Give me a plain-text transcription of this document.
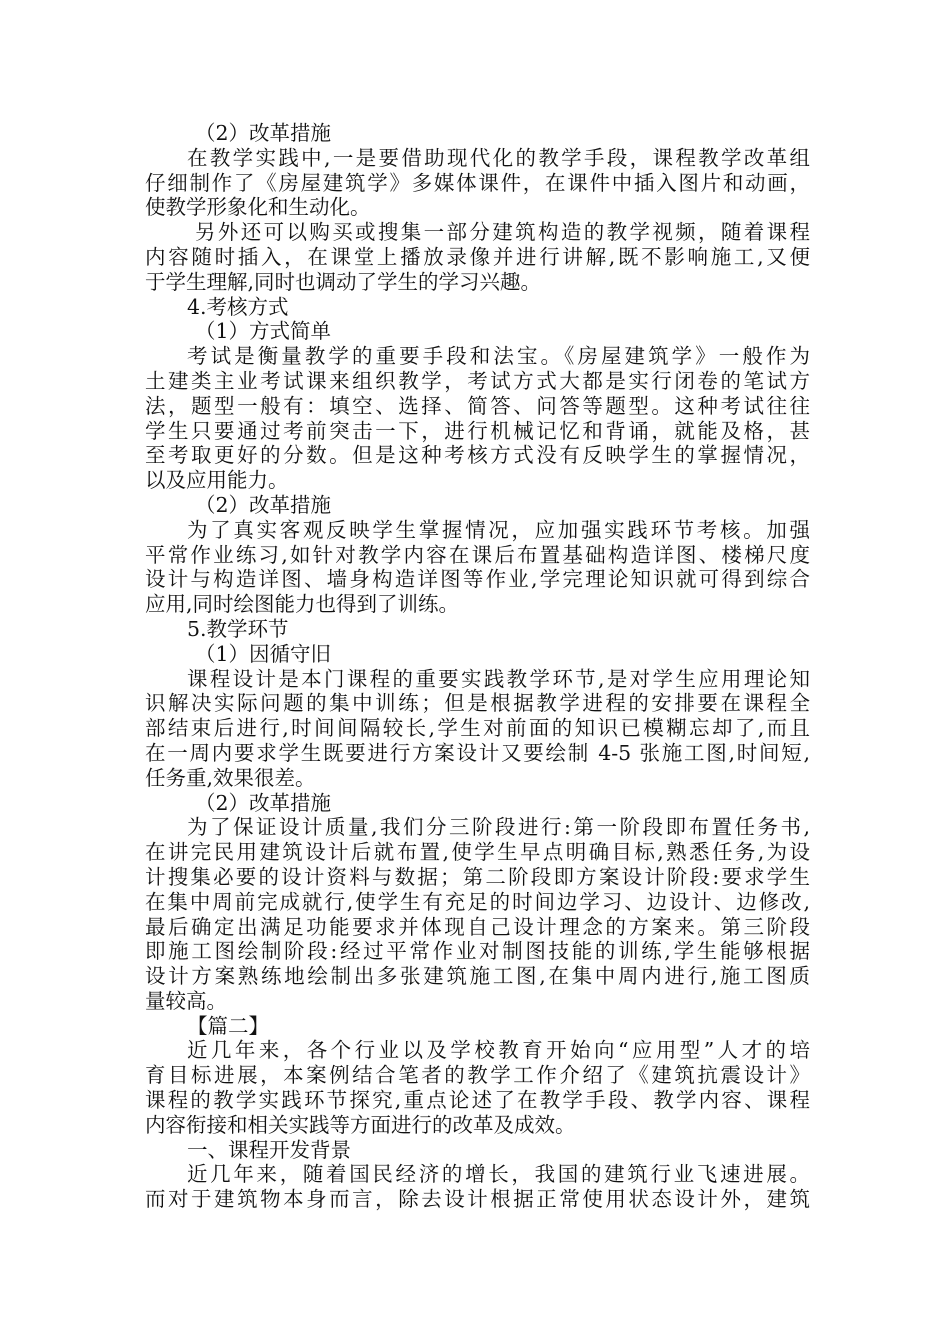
（2）改革措施
在教学实践中,一是要借助现代化的教学手段，课程教学改革组
仔细制作了《房屋建筑学》多媒体课件，在课件中插入图片和动画，
使教学形象化和生动化。
另外还可以购买或搜集一部分建筑构造的教学视频，随着课程
内容随时插入，在课堂上播放录像并进行讲解,既不影响施工,又便
于学生理解,同时也调动了学生的学习兴趣。
4.考核方式
（1）方式简单
考试是衡量教学的重要手段和法宝。《房屋建筑学》一般作为
土建类主业考试课来组织教学，考试方式大都是实行闭卷的笔试方
法，题型一般有：填空、选择、简答、问答等题型。这种考试往往
学生只要通过考前突击一下，进行机械记忆和背诵，就能及格，甚
至考取更好的分数。但是这种考核方式没有反映学生的掌握情况，
以及应用能力。
（2）改革措施
为了真实客观反映学生掌握情况，应加强实践环节考核。加强
平常作业练习,如针对教学内容在课后布置基础构造详图、楼梯尺度
设计与构造详图、墙身构造详图等作业,学完理论知识就可得到综合
应用,同时绘图能力也得到了训练。
5.教学环节
（1）因循守旧
课程设计是本门课程的重要实践教学环节,是对学生应用理论知
识解决实际问题的集中训练；但是根据教学进程的安排要在课程全
部结束后进行,时间间隔较长,学生对前面的知识已模糊忘却了,而且
在一周内要求学生既要进行方案设计又要绘制 4-5 张施工图,时间短,
任务重,效果很差。
（2）改革措施
为了保证设计质量,我们分三阶段进行:第一阶段即布置任务书,
在讲完民用建筑设计后就布置,使学生早点明确目标,熟悉任务,为设
计搜集必要的设计资料与数据；第二阶段即方案设计阶段:要求学生
在集中周前完成就行,使学生有充足的时间边学习、边设计、边修改,
最后确定出满足功能要求并体现自己设计理念的方案来。第三阶段
即施工图绘制阶段:经过平常作业对制图技能的训练,学生能够根据
设计方案熟练地绘制出多张建筑施工图,在集中周内进行,施工图质
量较高。
【篇二】
近几年来，各个行业以及学校教育开始向“应用型”人才的培
育目标进展，本案例结合笔者的教学工作介绍了《建筑抗震设计》
课程的教学实践环节探究,重点论述了在教学手段、教学内容、课程
内容衔接和相关实践等方面进行的改革及成效。
一、课程开发背景
近几年来，随着国民经济的增长，我国的建筑行业飞速进展。
而对于建筑物本身而言，除去设计根据正常使用状态设计外，建筑
